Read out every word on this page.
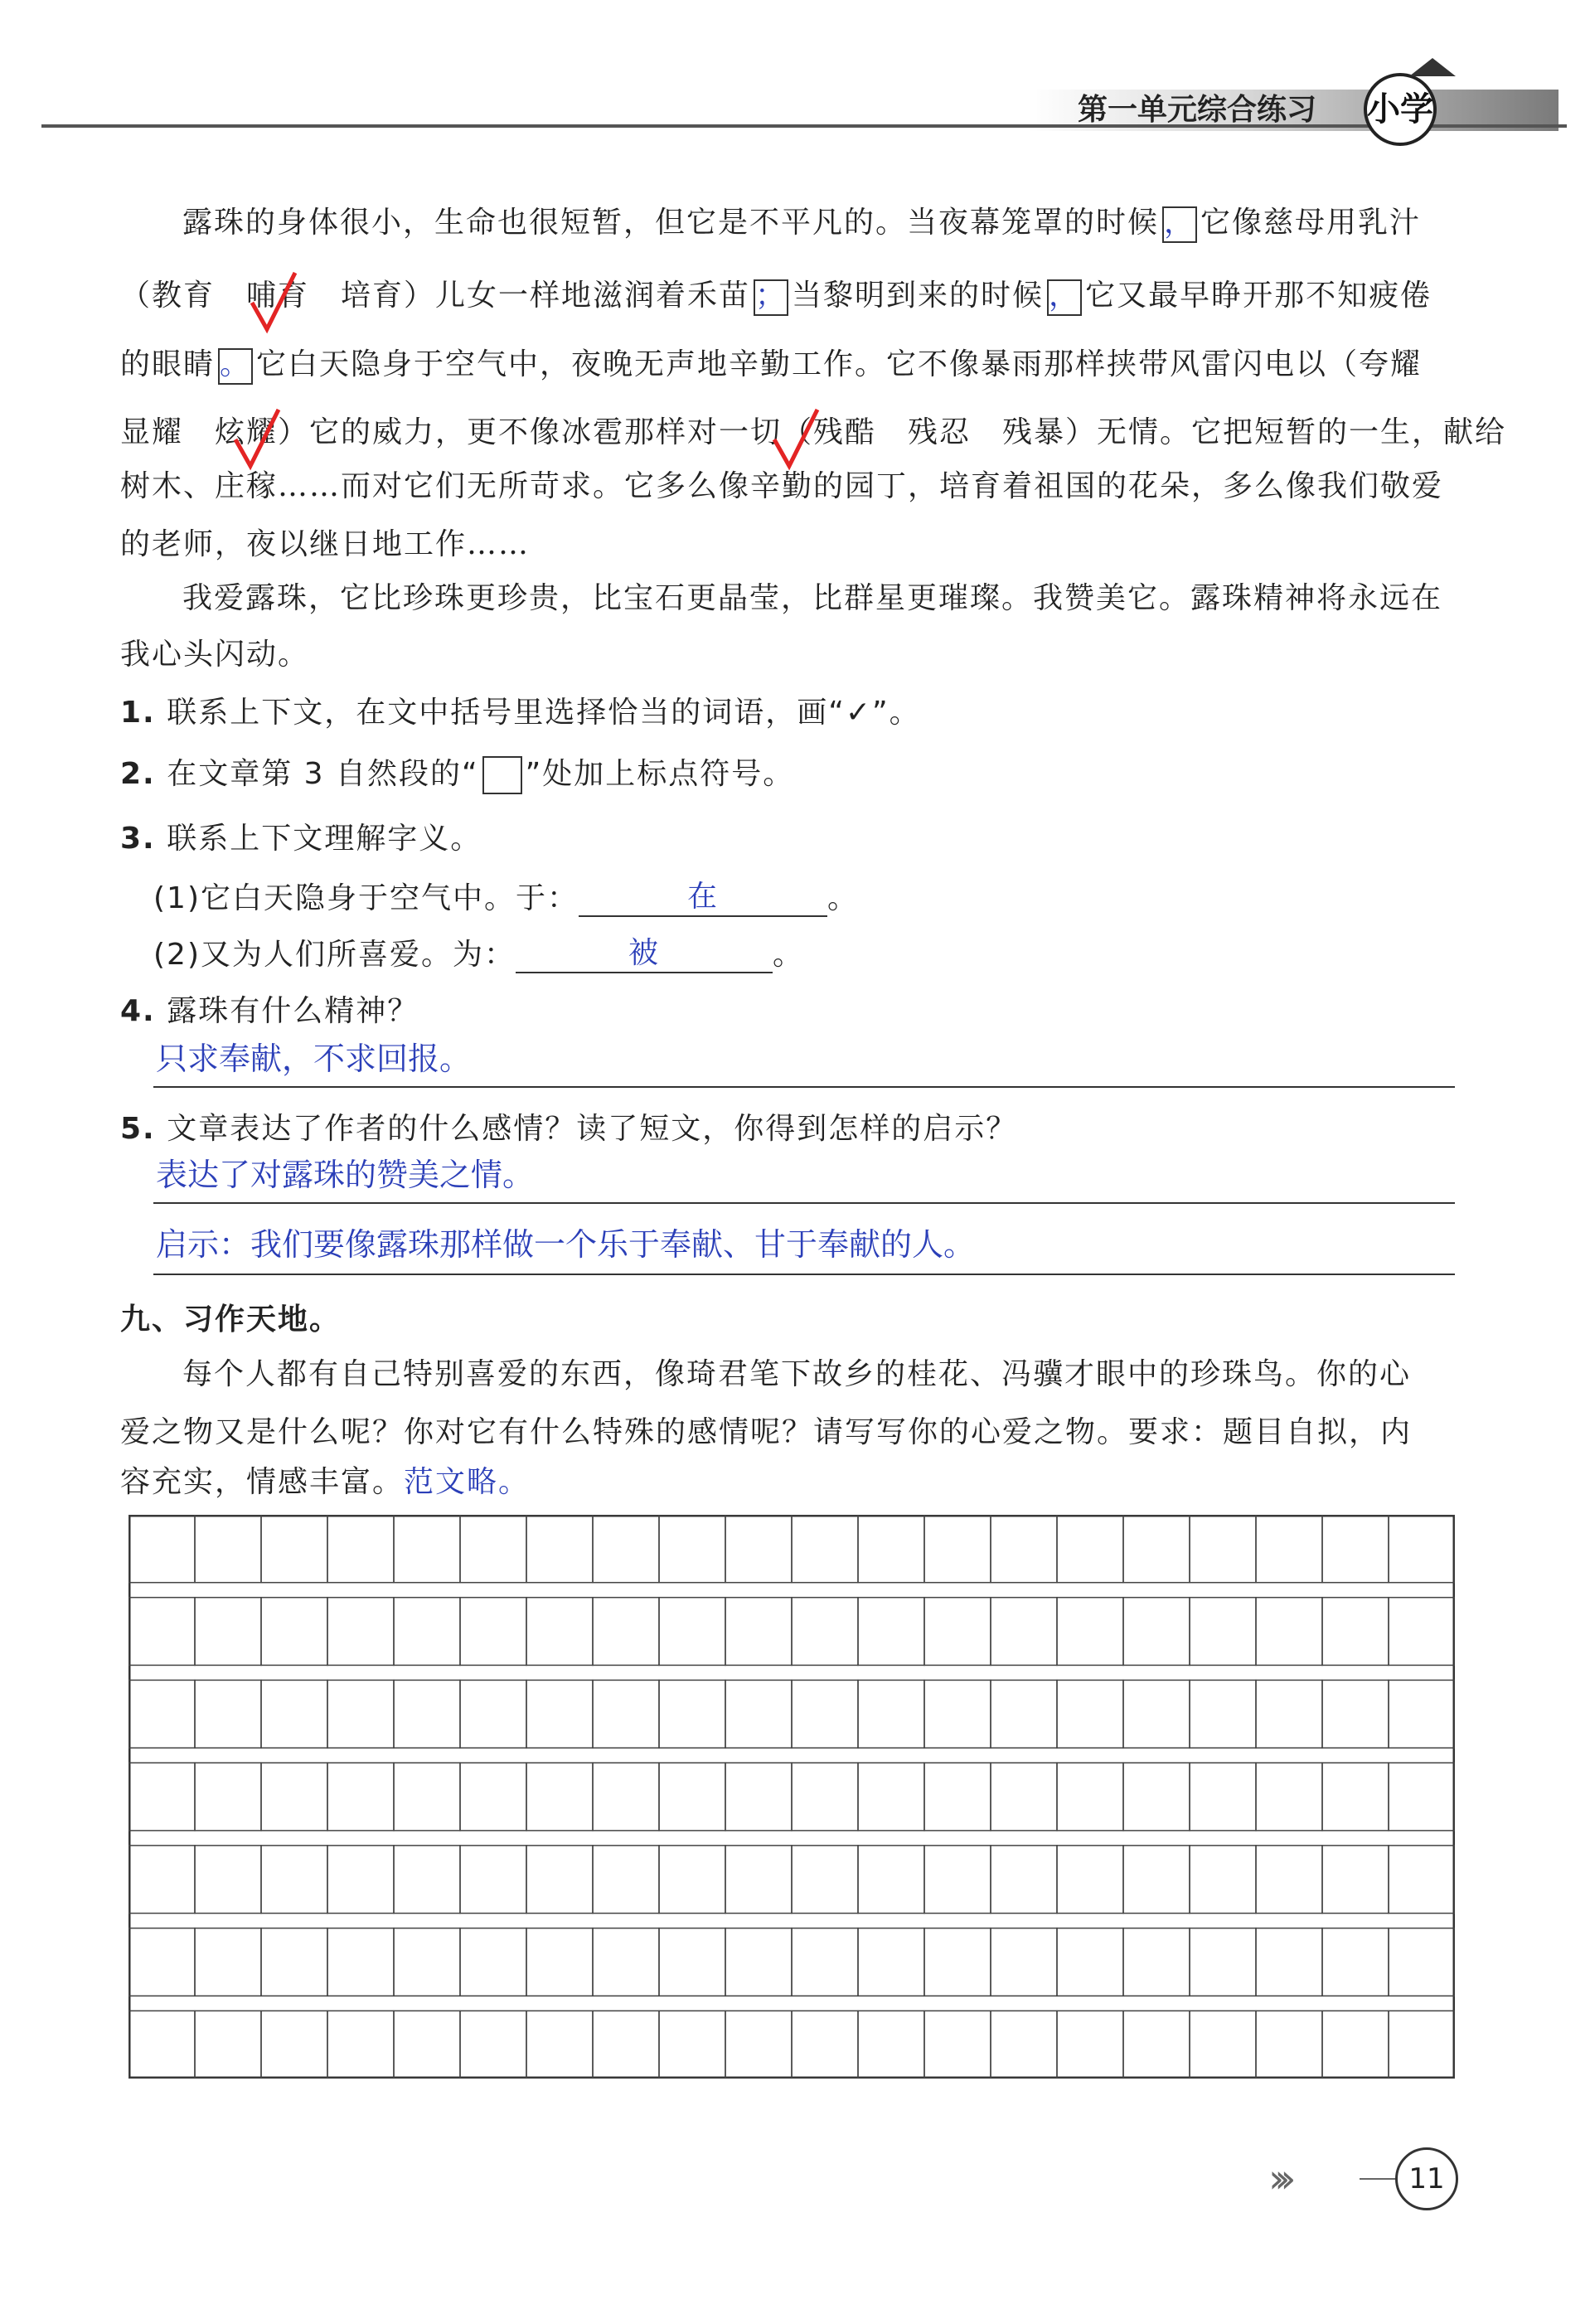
第一单元综合练习 小学
露珠的身体很小，生命也很短暂，但它是不平凡的。当夜幕笼罩的时候 ， 它像慈母用乳汁
（教育　哺育　培育）儿女一样地滋润着禾苗 ； 当黎明到来的时候 ， 它又最早睁开那不知疲倦
的眼睛 。 它白天隐身于空气中，夜晚无声地辛勤工作。它不像暴雨那样挟带风雷闪电以（夸耀
显耀　炫耀）它的威力，更不像冰雹那样对一切（残酷　残忍　残暴）无情。它把短暂的一生，献给
树木、庄稼……而对它们无所苛求。它多么像辛勤的园丁，培育着祖国的花朵，多么像我们敬爱
的老师，夜以继日地工作……
我爱露珠，它比珍珠更珍贵，比宝石更晶莹，比群星更璀璨。我赞美它。露珠精神将永远在
我心头闪动。
1. 联系上下文，在文中括号里选择恰当的词语，画“✓”。
2. 在文章第 3 自然段的“ ”处加上标点符号。
3. 联系上下文理解字义。
(1)它白天隐身于空气中。于：	在	。
(2)又为人们所喜爱。为：	被	。
4. 露珠有什么精神？
只求奉献，不求回报。
5. 文章表达了作者的什么感情？读了短文，你得到怎样的启示？
表达了对露珠的赞美之情。
启示：我们要像露珠那样做一个乐于奉献、甘于奉献的人。
九、习作天地。
每个人都有自己特别喜爱的东西，像琦君笔下故乡的桂花、冯骥才眼中的珍珠鸟。你的心
爱之物又是什么呢？你对它有什么特殊的感情呢？请写写你的心爱之物。要求：题目自拟，内
容充实，情感丰富。范文略。
›››	11
